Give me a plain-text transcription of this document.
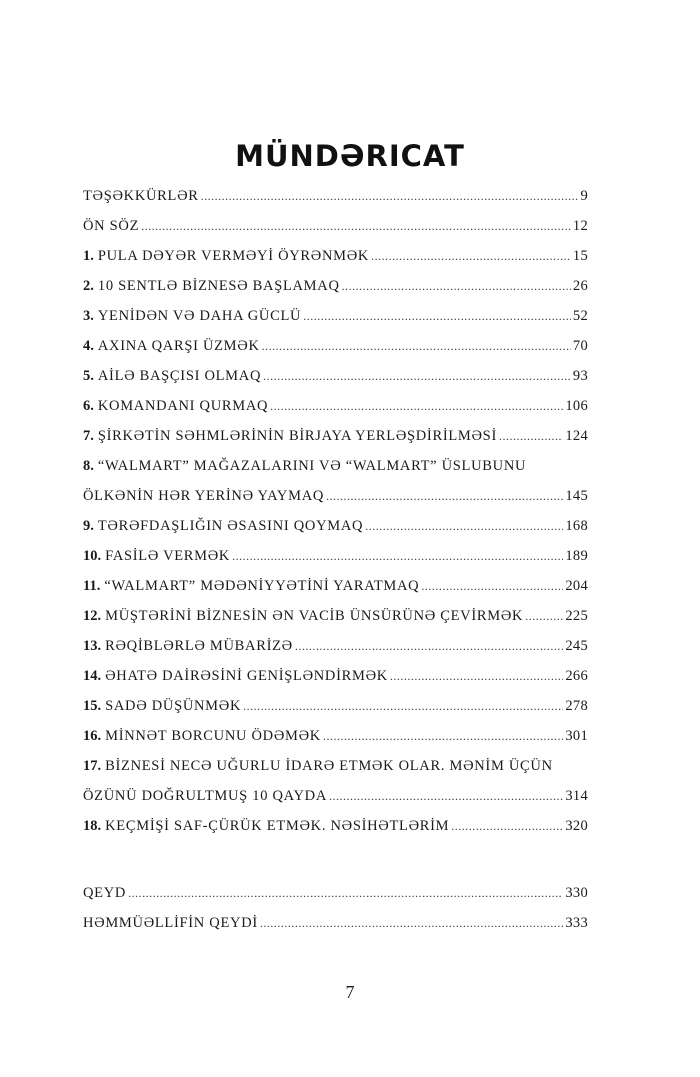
MÜNDƏRICAT
TƏŞƏKKÜRLƏR .....	9
ÖN SÖZ .....	12
1. PULA DƏYƏR VERMƏYİ ÖYRƏNMƏK .....	15
2. 10 SENTLƏ BİZNESƏ BAŞLAMAQ .....	26
3. YENİDƏN VƏ DAHA GÜCLÜ .....	52
4. AXINA QARŞI ÜZMƏK .....	70
5. AİLƏ BAŞÇISI OLMAQ .....	93
6. KOMANDANI QURMAQ .....	106
7. ŞİRKƏTİN SƏHMLƏRİNİN BİRJAYA YERLƏŞDİRİLMƏSİ .....	124
8. “WALMART” MAĞAZALARINI VƏ “WALMART” ÜSLUBUNU
ÖLKƏNİN HƏR YERİNƏ YAYMAQ .....	145
9. TƏRƏFDAŞLIĞIN ƏSASINI QOYMAQ .....	168
10. FASİLƏ VERMƏK .....	189
11. “WALMART” MƏDƏNİYYƏTİNİ YARATMAQ .....	204
12. MÜŞTƏRİNİ BİZNESİN ƏN VACİB ÜNSÜRÜNƏ ÇEVİRMƏK .....	225
13. RƏQİBLƏRLƏ MÜBARİZƏ .....	245
14. ƏHATƏ DAİRƏSİNİ GENİŞLƏNDİRMƏK .....	266
15. SADƏ DÜŞÜNMƏK .....	278
16. MİNNƏT BORCUNU ÖDƏMƏK .....	301
17. BİZNESİ NECƏ UĞURLU İDARƏ ETMƏK OLAR. MƏNİM ÜÇÜN
ÖZÜNÜ DOĞRULTMUŞ 10 QAYDA .....	314
18. KEÇMİŞİ SAF-ÇÜRÜK ETMƏK. NƏSİHƏTLƏRİM .....	320
QEYD .....	330
HƏMMÜƏLLİFİN QEYDİ .....	333
7
